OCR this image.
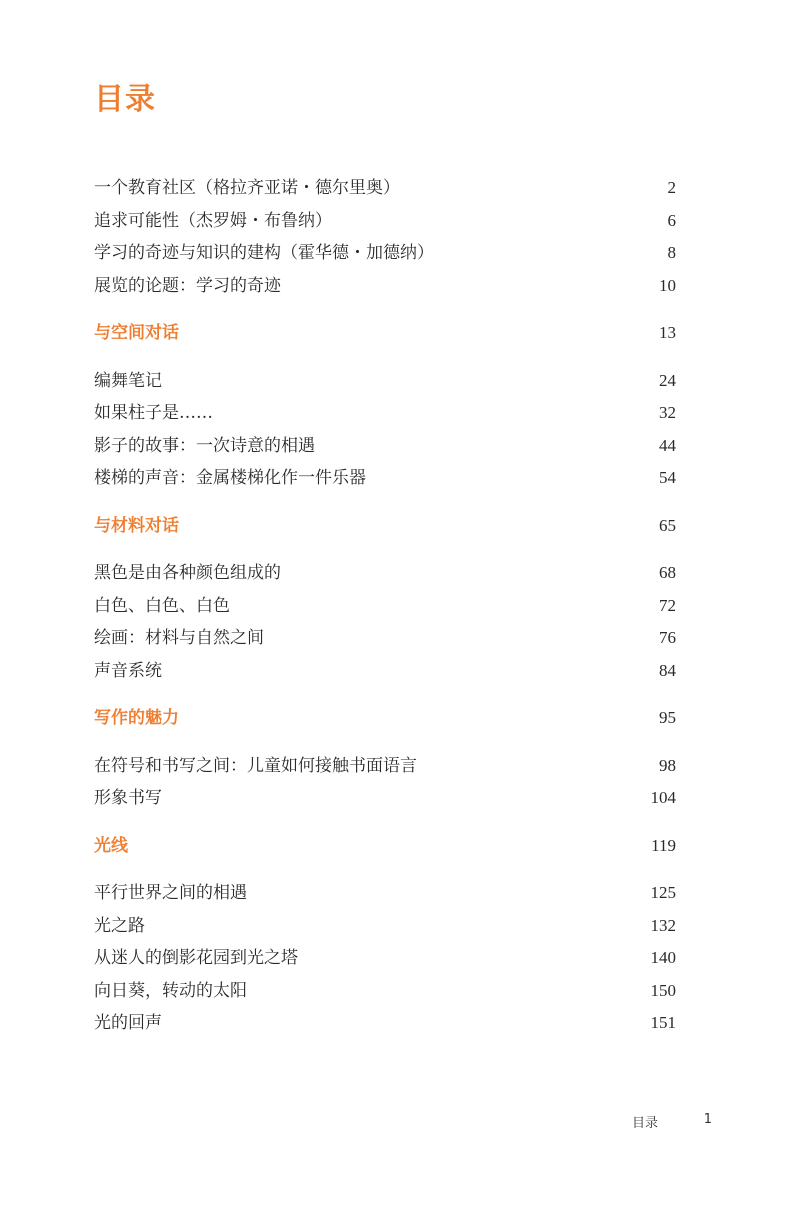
目录
一个教育社区（格拉齐亚诺・德尔里奥）	2
追求可能性（杰罗姆・布鲁纳）	6
学习的奇迹与知识的建构（霍华德・加德纳）	8
展览的论题：学习的奇迹	10
与空间对话	13
编舞笔记	24
如果柱子是……	32
影子的故事：一次诗意的相遇	44
楼梯的声音：金属楼梯化作一件乐器	54
与材料对话	65
黑色是由各种颜色组成的	68
白色、白色、白色	72
绘画：材料与自然之间	76
声音系统	84
写作的魅力	95
在符号和书写之间：儿童如何接触书面语言	98
形象书写	104
光线	119
平行世界之间的相遇	125
光之路	132
从迷人的倒影花园到光之塔	140
向日葵，转动的太阳	150
光的回声	151
目录	1
